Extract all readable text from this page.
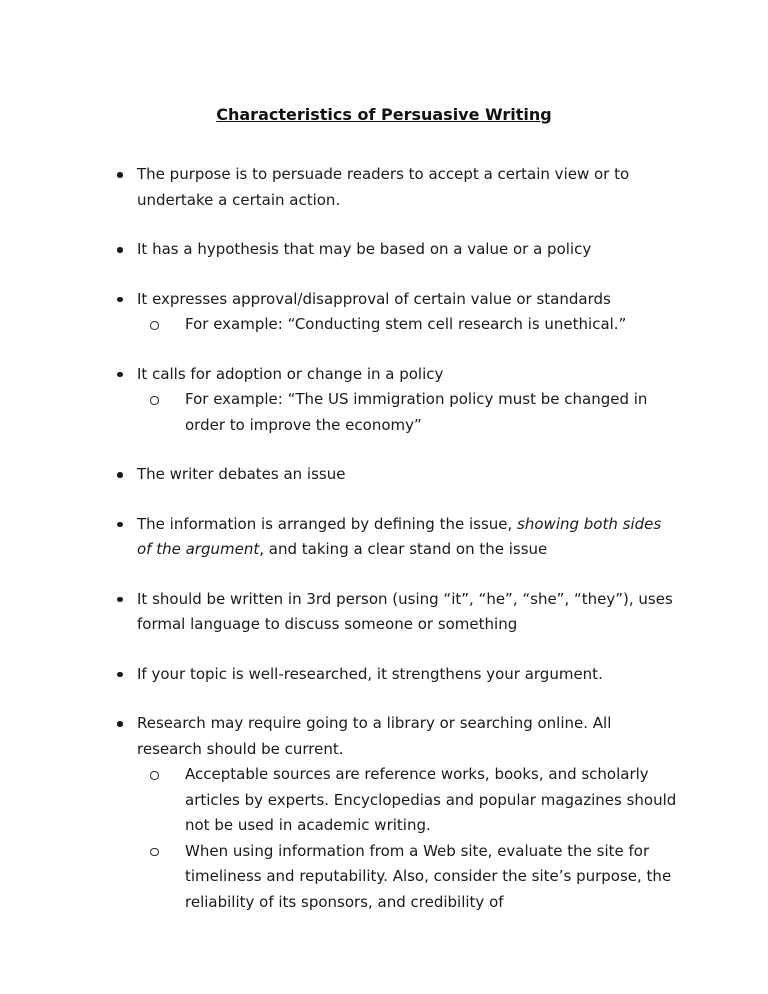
Characteristics of Persuasive Writing
The purpose is to persuade readers to accept a certain view or to undertake a certain action.
It has a hypothesis that may be based on a value or a policy
It expresses approval/disapproval of certain value or standards
For example: “Conducting stem cell research is unethical.”
It calls for adoption or change in a policy
For example: “The US immigration policy must be changed in order to improve the economy”
The writer debates an issue
The information is arranged by defining the issue, showing both sides of the argument, and taking a clear stand on the issue
It should be written in 3rd person (using “it”, “he”, “she”, “they”), uses formal language to discuss someone or something
If your topic is well-researched, it strengthens your argument.
Research may require going to a library or searching online. All research should be current.
Acceptable sources are reference works, books, and scholarly articles by experts. Encyclopedias and popular magazines should not be used in academic writing.
When using information from a Web site, evaluate the site for timeliness and reputability. Also, consider the site’s purpose, the reliability of its sponsors, and credibility of
